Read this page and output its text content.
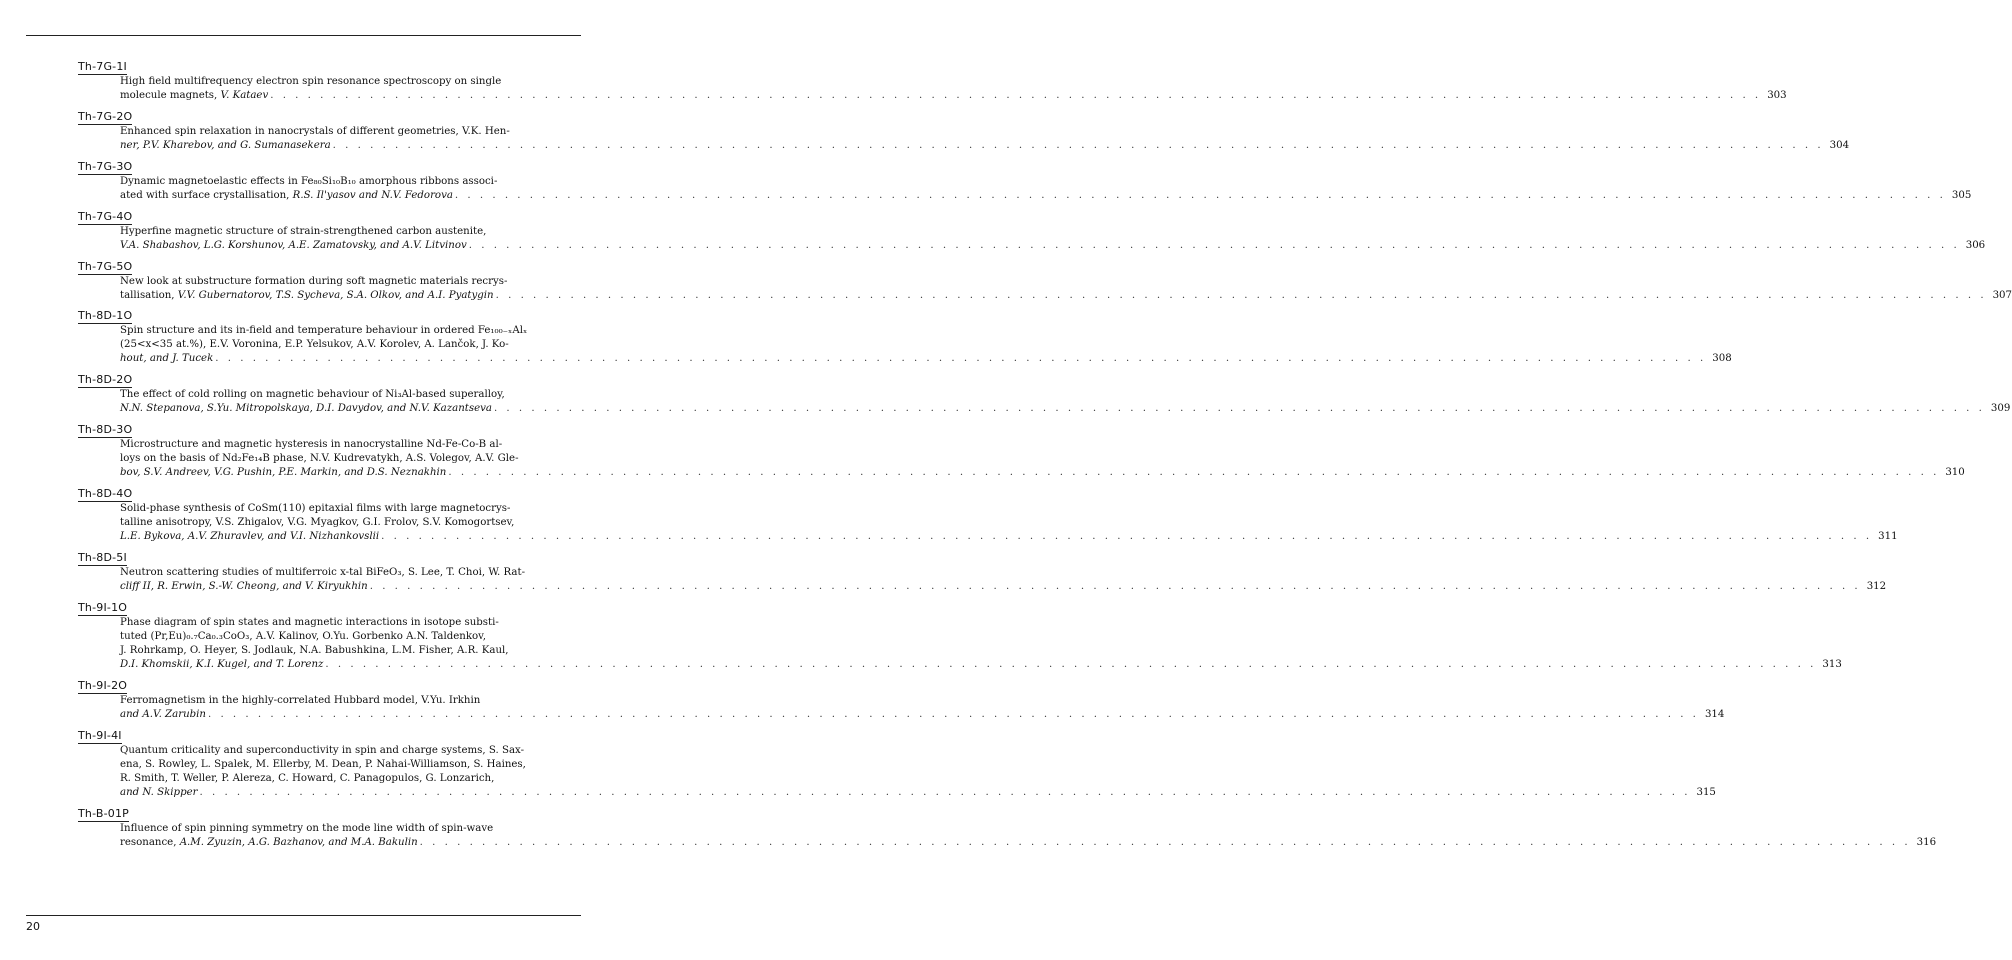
Th-7G-1I
High field multifrequency electron spin resonance spectroscopy on single
molecule magnets, V. Kataev . . . . . . . . . . . . . . . . . . . . . . . . . . . . . . . . . . . . . . . . . . . . . . . . . . . . . . . . . . . . . . . . . . . . . . . . . . . . . . . . . . . . . . . . . . . . . . . . . . . . . . . . . . . . . . . . . . . . . . . . 303
Th-7G-2O
Enhanced spin relaxation in nanocrystals of different geometries, V.K. Hen-
ner, P.V. Kharebov, and G. Sumanasekera . . . . . . . . . . . . . . . . . . . . . . . . . . . . . . . . . . . . . . . . . . . . . . . . . . . . . . . . . . . . . . . . . . . . . . . . . . . . . . . . . . . . . . . . . . . . . . . . . . . . . . . . . . . . . . . . . . . . . . . . 304
Th-7G-3O
Dynamic magnetoelastic effects in Fe₈₀Si₁₀B₁₀ amorphous ribbons associ-
ated with surface crystallisation, R.S. Il'yasov and N.V. Fedorova . . . . . . . . . . . . . . . . . . . . . . . . . . . . . . . . . . . . . . . . . . . . . . . . . . . . . . . . . . . . . . . . . . . . . . . . . . . . . . . . . . . . . . . . . . . . . . . . . . . . . . . . . . . . . . . . . . . . . . . . 305
Th-7G-4O
Hyperfine magnetic structure of strain-strengthened carbon austenite,
V.A. Shabashov, L.G. Korshunov, A.E. Zamatovsky, and A.V. Litvinov . . . . . . . . . . . . . . . . . . . . . . . . . . . . . . . . . . . . . . . . . . . . . . . . . . . . . . . . . . . . . . . . . . . . . . . . . . . . . . . . . . . . . . . . . . . . . . . . . . . . . . . . . . . . . . . . . . . . . . . . 306
Th-7G-5O
New look at substructure formation during soft magnetic materials recrys-
tallisation, V.V. Gubernatorov, T.S. Sycheva, S.A. Olkov, and A.I. Pyatygin . . . . . . . . . . . . . . . . . . . . . . . . . . . . . . . . . . . . . . . . . . . . . . . . . . . . . . . . . . . . . . . . . . . . . . . . . . . . . . . . . . . . . . . . . . . . . . . . . . . . . . . . . . . . . . . . . . . . . . . . 307
Th-8D-1O
Spin structure and its in-field and temperature behaviour in ordered Fe₁₀₀₋ₓAlₓ
(25<x<35 at.%), E.V. Voronina, E.P. Yelsukov, A.V. Korolev, A. Lančok, J. Ko-
hout, and J. Tucek . . . . . . . . . . . . . . . . . . . . . . . . . . . . . . . . . . . . . . . . . . . . . . . . . . . . . . . . . . . . . . . . . . . . . . . . . . . . . . . . . . . . . . . . . . . . . . . . . . . . . . . . . . . . . . . . . . . . . . . . 308
Th-8D-2O
The effect of cold rolling on magnetic behaviour of Ni₃Al-based superalloy,
N.N. Stepanova, S.Yu. Mitropolskaya, D.I. Davydov, and N.V. Kazantseva . . . . . . . . . . . . . . . . . . . . . . . . . . . . . . . . . . . . . . . . . . . . . . . . . . . . . . . . . . . . . . . . . . . . . . . . . . . . . . . . . . . . . . . . . . . . . . . . . . . . . . . . . . . . . . . . . . . . . . . . 309
Th-8D-3O
Microstructure and magnetic hysteresis in nanocrystalline Nd-Fe-Co-B al-
loys on the basis of Nd₂Fe₁₄B phase, N.V. Kudrevatykh, A.S. Volegov, A.V. Gle-
bov, S.V. Andreev, V.G. Pushin, P.E. Markin, and D.S. Neznakhin . . . . . . . . . . . . . . . . . . . . . . . . . . . . . . . . . . . . . . . . . . . . . . . . . . . . . . . . . . . . . . . . . . . . . . . . . . . . . . . . . . . . . . . . . . . . . . . . . . . . . . . . . . . . . . . . . . . . . . . . 310
Th-8D-4O
Solid-phase synthesis of CoSm(110) epitaxial films with large magnetocrys-
talline anisotropy, V.S. Zhigalov, V.G. Myagkov, G.I. Frolov, S.V. Komogortsev,
L.E. Bykova, A.V. Zhuravlev, and V.I. Nizhankovslii . . . . . . . . . . . . . . . . . . . . . . . . . . . . . . . . . . . . . . . . . . . . . . . . . . . . . . . . . . . . . . . . . . . . . . . . . . . . . . . . . . . . . . . . . . . . . . . . . . . . . . . . . . . . . . . . . . . . . . . . 311
Th-8D-5I
Neutron scattering studies of multiferroic x-tal BiFeO₃, S. Lee, T. Choi, W. Rat-
cliff II, R. Erwin, S.-W. Cheong, and V. Kiryukhin . . . . . . . . . . . . . . . . . . . . . . . . . . . . . . . . . . . . . . . . . . . . . . . . . . . . . . . . . . . . . . . . . . . . . . . . . . . . . . . . . . . . . . . . . . . . . . . . . . . . . . . . . . . . . . . . . . . . . . . . 312
Th-9I-1O
Phase diagram of spin states and magnetic interactions in isotope substi-
tuted (Pr,Eu)₀.₇Ca₀.₃CoO₃, A.V. Kalinov, O.Yu. Gorbenko A.N. Taldenkov,
J. Rohrkamp, O. Heyer, S. Jodlauk, N.A. Babushkina, L.M. Fisher, A.R. Kaul,
D.I. Khomskii, K.I. Kugel, and T. Lorenz . . . . . . . . . . . . . . . . . . . . . . . . . . . . . . . . . . . . . . . . . . . . . . . . . . . . . . . . . . . . . . . . . . . . . . . . . . . . . . . . . . . . . . . . . . . . . . . . . . . . . . . . . . . . . . . . . . . . . . . . 313
Th-9I-2O
Ferromagnetism in the highly-correlated Hubbard model, V.Yu. Irkhin
and A.V. Zarubin . . . . . . . . . . . . . . . . . . . . . . . . . . . . . . . . . . . . . . . . . . . . . . . . . . . . . . . . . . . . . . . . . . . . . . . . . . . . . . . . . . . . . . . . . . . . . . . . . . . . . . . . . . . . . . . . . . . . . . . . 314
Th-9I-4I
Quantum criticality and superconductivity in spin and charge systems, S. Sax-
ena, S. Rowley, L. Spalek, M. Ellerby, M. Dean, P. Nahai-Williamson, S. Haines,
R. Smith, T. Weller, P. Alereza, C. Howard, C. Panagopulos, G. Lonzarich,
and N. Skipper . . . . . . . . . . . . . . . . . . . . . . . . . . . . . . . . . . . . . . . . . . . . . . . . . . . . . . . . . . . . . . . . . . . . . . . . . . . . . . . . . . . . . . . . . . . . . . . . . . . . . . . . . . . . . . . . . . . . . . . . 315
Th-B-01P
Influence of spin pinning symmetry on the mode line width of spin-wave
resonance, A.M. Zyuzin, A.G. Bazhanov, and M.A. Bakulin . . . . . . . . . . . . . . . . . . . . . . . . . . . . . . . . . . . . . . . . . . . . . . . . . . . . . . . . . . . . . . . . . . . . . . . . . . . . . . . . . . . . . . . . . . . . . . . . . . . . . . . . . . . . . . . . . . . . . . . . 316
20
